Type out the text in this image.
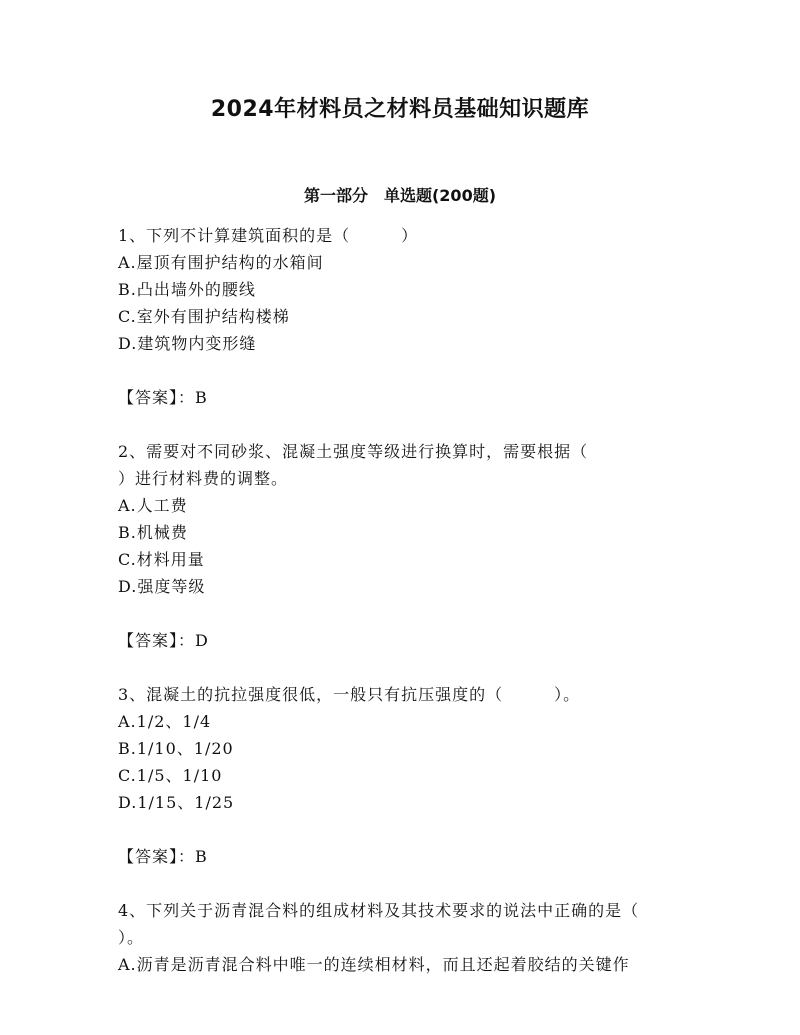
2024年材料员之材料员基础知识题库
第一部分　单选题(200题)
1、下列不计算建筑面积的是（　　　）
A.屋顶有围护结构的水箱间
B.凸出墙外的腰线
C.室外有围护结构楼梯
D.建筑物内变形缝
【答案】：B
2、需要对不同砂浆、混凝土强度等级进行换算时，需要根据（
）进行材料费的调整。
A.人工费
B.机械费
C.材料用量
D.强度等级
【答案】：D
3、混凝土的抗拉强度很低，一般只有抗压强度的（　　　）。
A.1/2、1/4
B.1/10、1/20
C.1/5、1/10
D.1/15、1/25
【答案】：B
4、下列关于沥青混合料的组成材料及其技术要求的说法中正确的是（
）。
A.沥青是沥青混合料中唯一的连续相材料，而且还起着胶结的关键作
